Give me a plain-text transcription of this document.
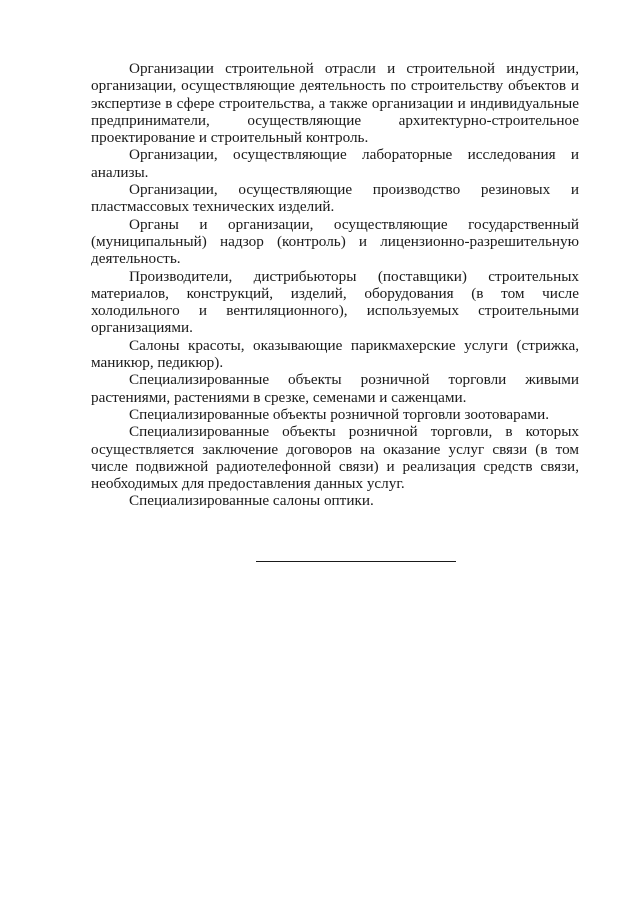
Организации строительной отрасли и строительной индустрии, организации, осуществляющие деятельность по строительству объектов и экспертизе в сфере строительства, а также организации и индивидуальные предприниматели, осуществляющие архитектурно-строительное проектирование и строительный контроль.

Организации, осуществляющие лабораторные исследования и анализы.

Организации, осуществляющие производство резиновых и пластмассовых технических изделий.

Органы и организации, осуществляющие государственный (муниципальный) надзор (контроль) и лицензионно-разрешительную деятельность.

Производители, дистрибьюторы (поставщики) строительных материалов, конструкций, изделий, оборудования (в том числе холодильного и вентиляционного), используемых строительными организациями.

Салоны красоты, оказывающие парикмахерские услуги (стрижка, маникюр, педикюр).

Специализированные объекты розничной торговли живыми растениями, растениями в срезке, семенами и саженцами.

Специализированные объекты розничной торговли зоотоварами.

Специализированные объекты розничной торговли, в которых осуществляется заключение договоров на оказание услуг связи (в том числе подвижной радиотелефонной связи) и реализация средств связи, необходимых для предоставления данных услуг.

Специализированные салоны оптики.
